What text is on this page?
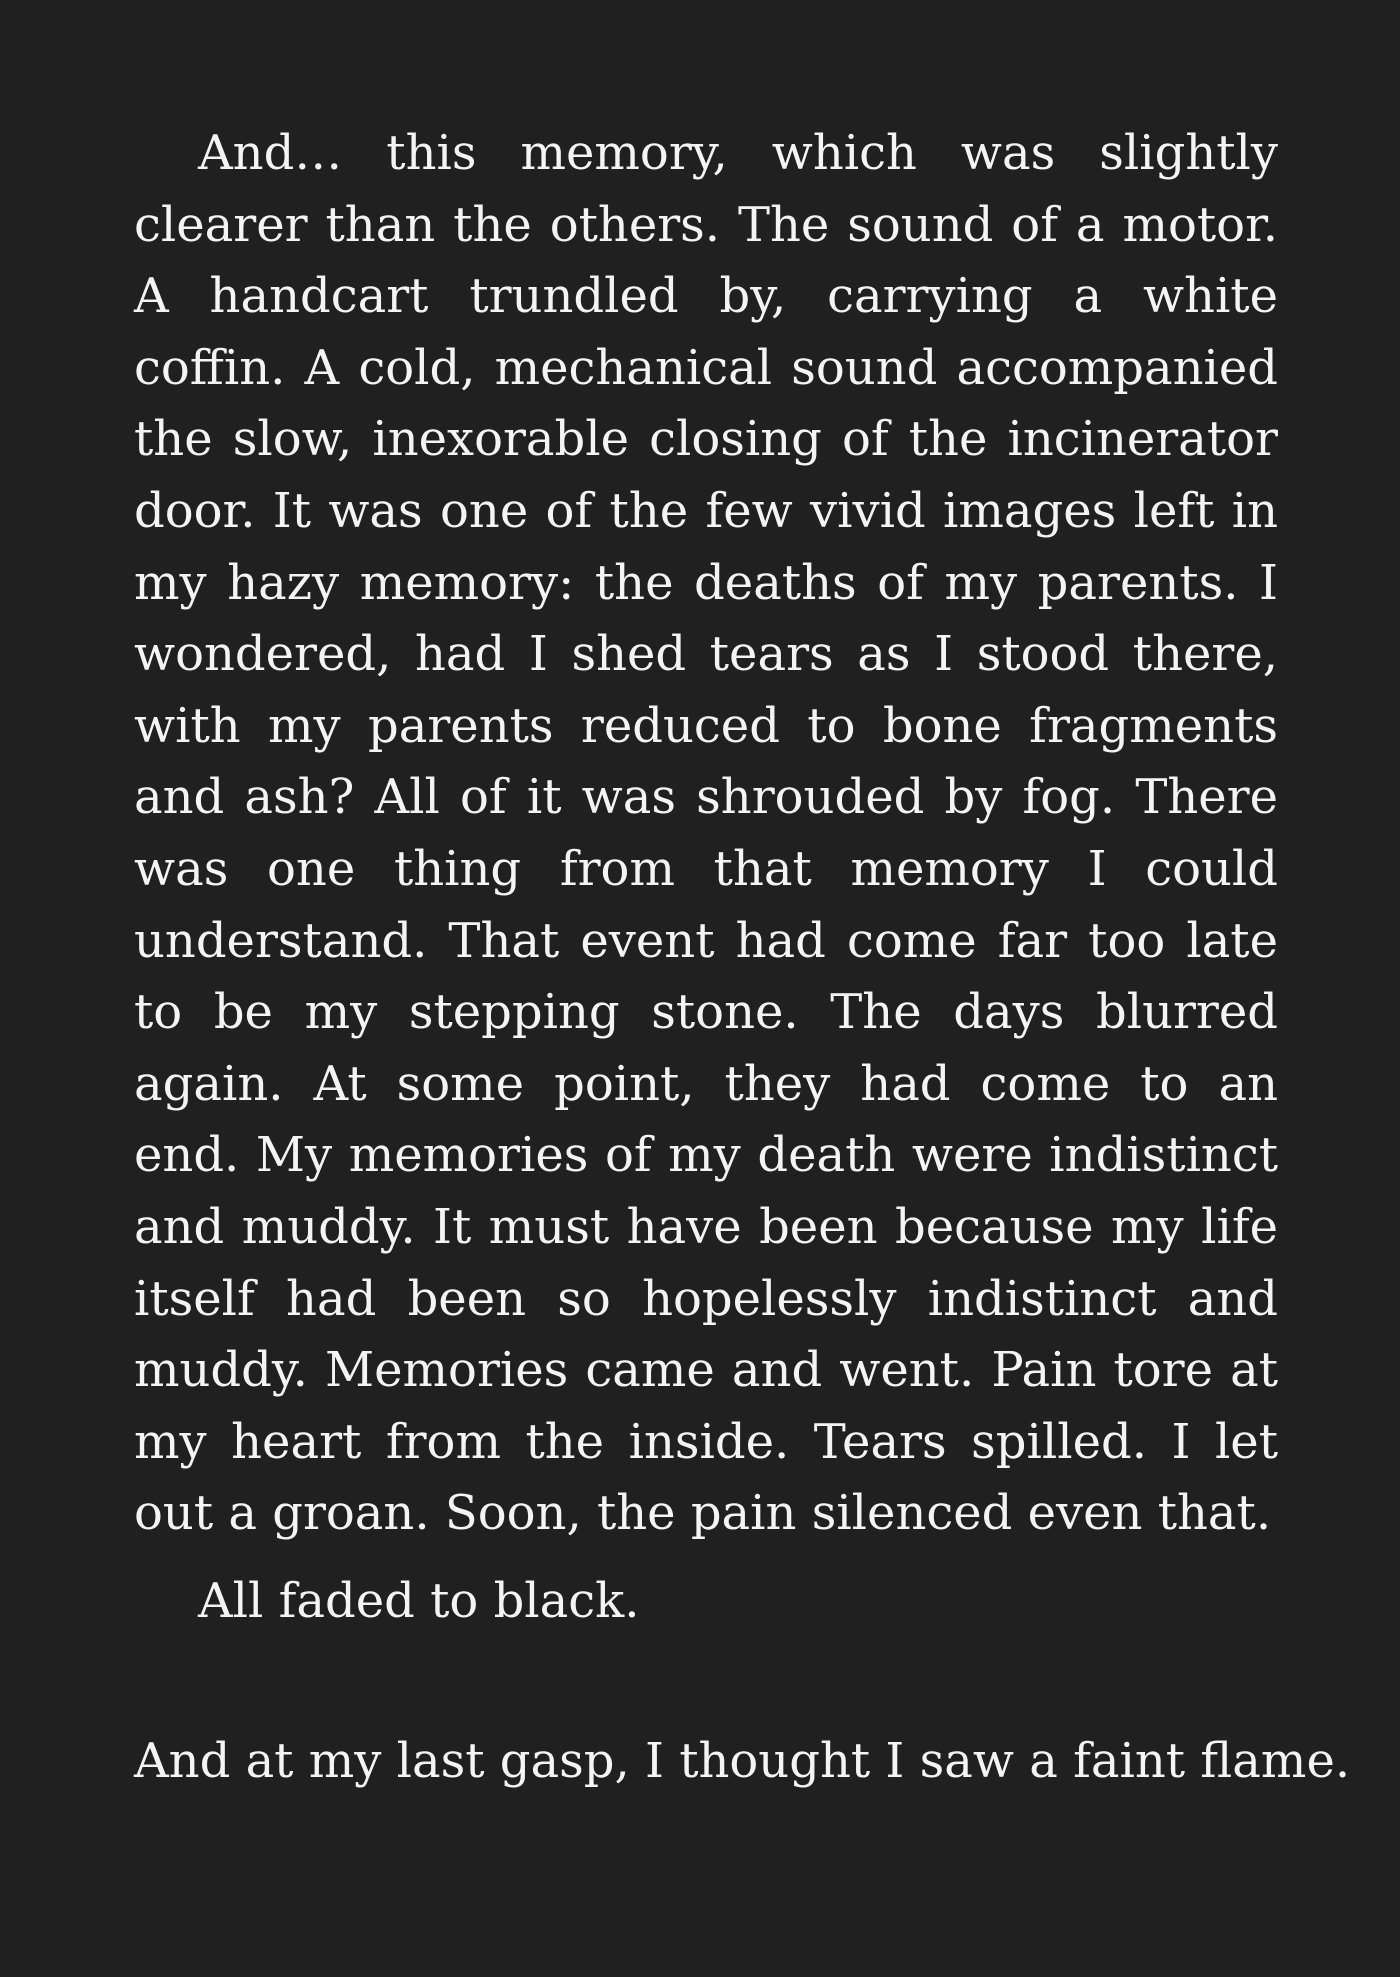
And… this memory, which was slightly clearer than the others. The sound of a motor. A handcart trundled by, carrying a white coffin. A cold, mechanical sound accompanied the slow, inexorable closing of the incinerator door. It was one of the few vivid images left in my hazy memory: the deaths of my parents. I wondered, had I shed tears as I stood there, with my parents reduced to bone fragments and ash? All of it was shrouded by fog. There was one thing from that memory I could understand. That event had come far too late to be my stepping stone. The days blurred again. At some point, they had come to an end. My memories of my death were indistinct and muddy. It must have been because my life itself had been so hopelessly indistinct and muddy. Memories came and went. Pain tore at my heart from the inside. Tears spilled. I let out a groan. Soon, the pain silenced even that.

All faded to black.

And at my last gasp, I thought I saw a faint flame.
